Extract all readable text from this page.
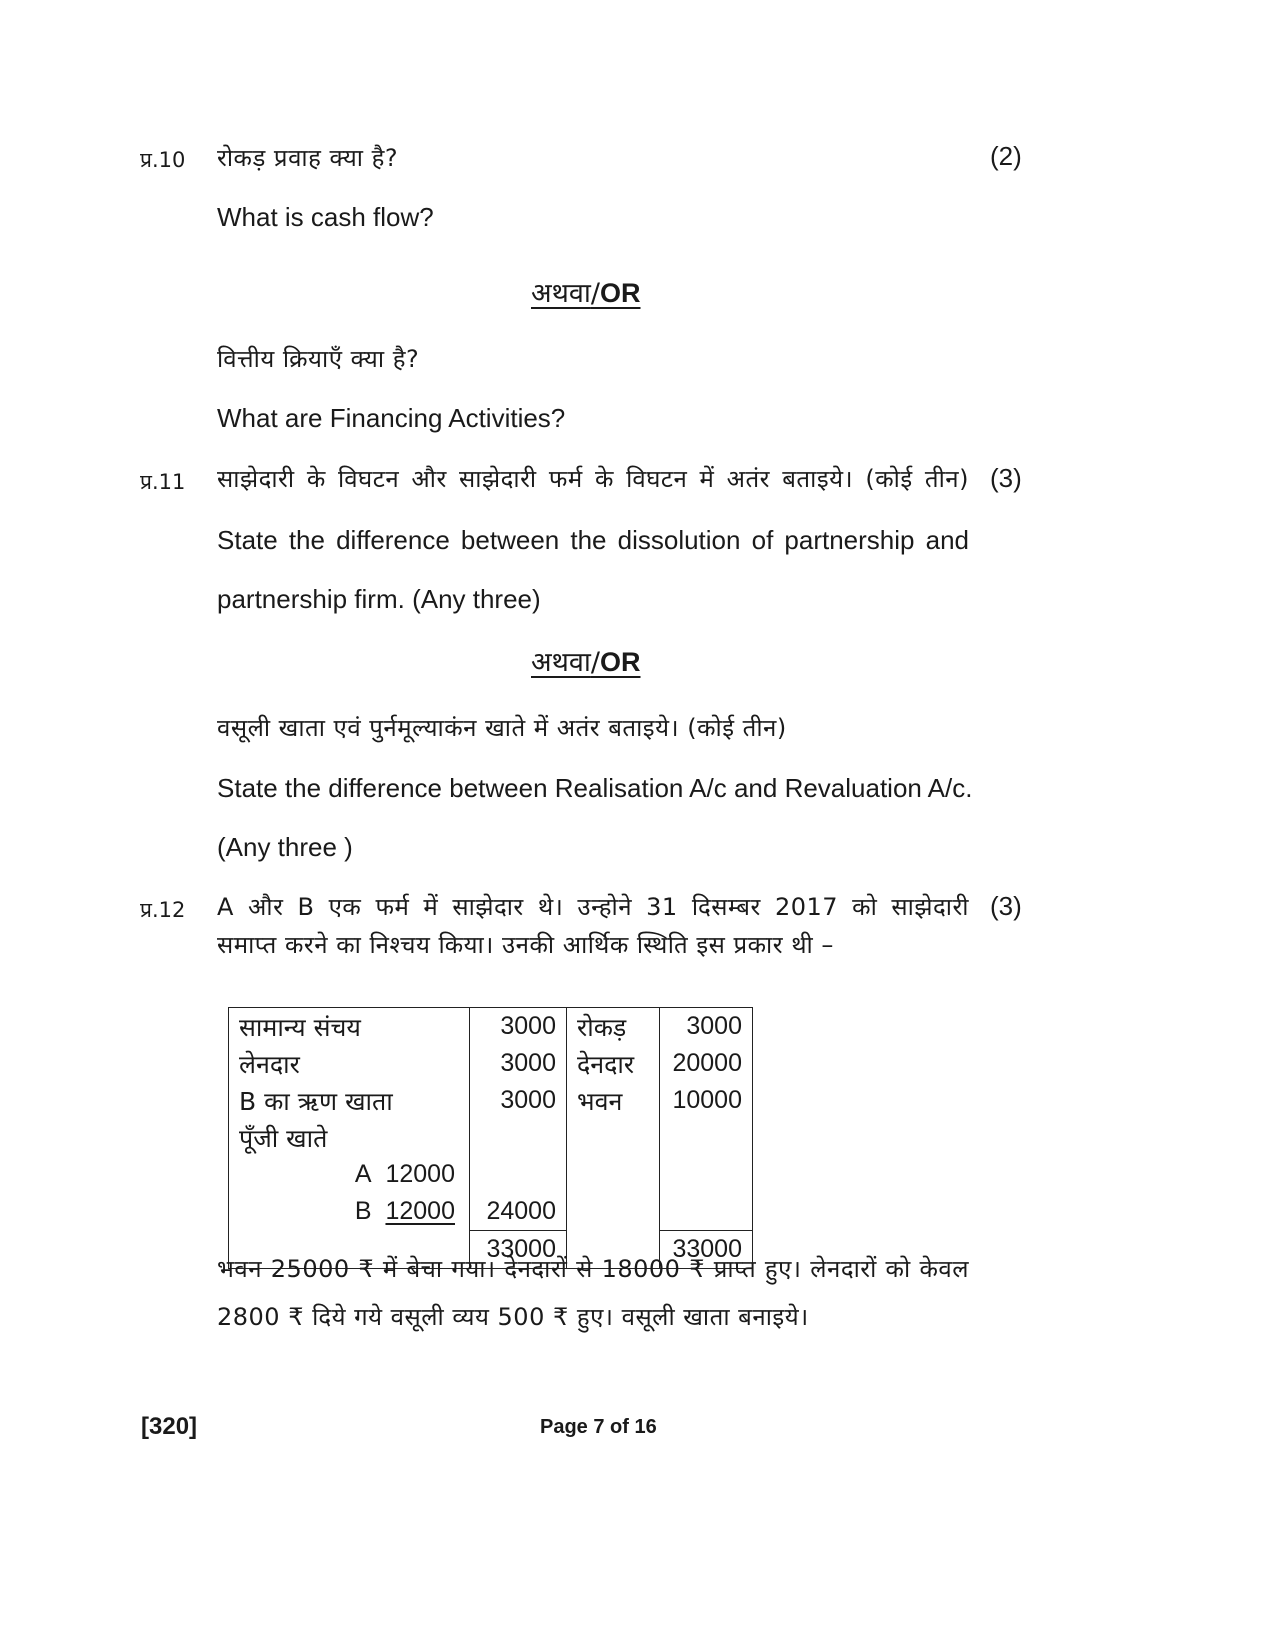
प्र.10 रोकड़ प्रवाह क्या है?	(2)
What is cash flow?
अथवा/OR
वित्तीय क्रियाएँ क्या है?
What are Financing Activities?
प्र.11 साझेदारी के विघटन और साझेदारी फर्म के विघटन में अतंर बताइये। (कोई तीन) (3)
State the difference between the dissolution of partnership and
partnership firm. (Any three)
अथवा/OR
वसूली खाता एवं पुर्नमूल्याकंन खाते में अतंर बताइये। (कोई तीन)
State the difference between Realisation A/c and Revaluation A/c.
(Any three )
प्र.12 A और B एक फर्म में साझेदार थे। उन्होने 31 दिसम्बर 2017 को साझेदारी (3)
समाप्त करने का निश्चय किया। उनकी आर्थिक स्थिति इस प्रकार थी –
सामान्य संचय	3000	रोकड़	3000
लेनदार	3000	देनदार	20000
B का ऋण खाता	3000	भवन	10000
पूँजी खाते			
A 12000			
B 12000	24000		
	33000		33000
भवन 25000 ₹ में बेचा गया। देनदारों से 18000 ₹ प्राप्त हुए। लेनदारों को केवल
2800 ₹ दिये गये वसूली व्यय 500 ₹ हुए। वसूली खाता बनाइये।
[320]	Page 7 of 16
